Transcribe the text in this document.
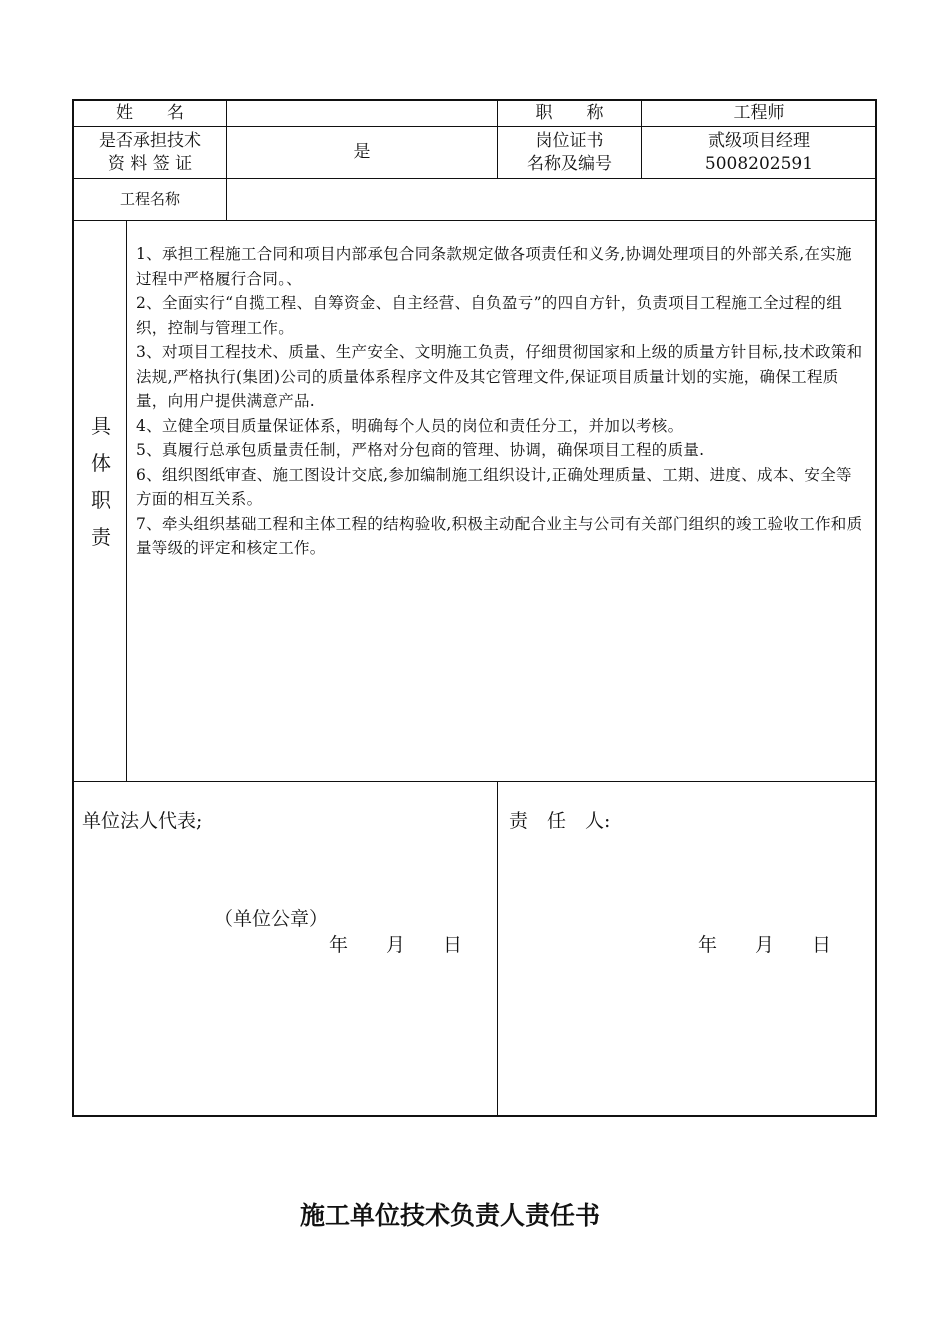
姓　　名	职　　称	工程师
是否承担技术
资 料 签 证
是
岗位证书
名称及编号
贰级项目经理
5008202591
工程名称
具
体
职
责

1、承担工程施工合同和项目内部承包合同条款规定做各项责任和义务,协调处理项目的外部关系,在实施过程中严格履行合同。、

2、全面实行“自揽工程、自筹资金、自主经营、自负盈亏”的四自方针，负责项目工程施工全过程的组织，控制与管理工作。

3、对项目工程技术、质量、生产安全、文明施工负责，仔细贯彻国家和上级的质量方针目标,技术政策和法规,严格执行(集团)公司的质量体系程序文件及其它管理文件,保证项目质量计划的实施，确保工程质量，向用户提供满意产品.

4、立健全项目质量保证体系，明确每个人员的岗位和责任分工，并加以考核。

5、真履行总承包质量责任制，严格对分包商的管理、协调，确保项目工程的质量.

6、组织图纸审查、施工图设计交底,参加编制施工组织设计,正确处理质量、工期、进度、成本、安全等方面的相互关系。

7、牵头组织基础工程和主体工程的结构验收,积极主动配合业主与公司有关部门组织的竣工验收工作和质量等级的评定和核定工作。

单位法人代表;
（单位公章）
年　　月　　日
责　任　人:
年　　月　　日
施工单位技术负责人责任书
